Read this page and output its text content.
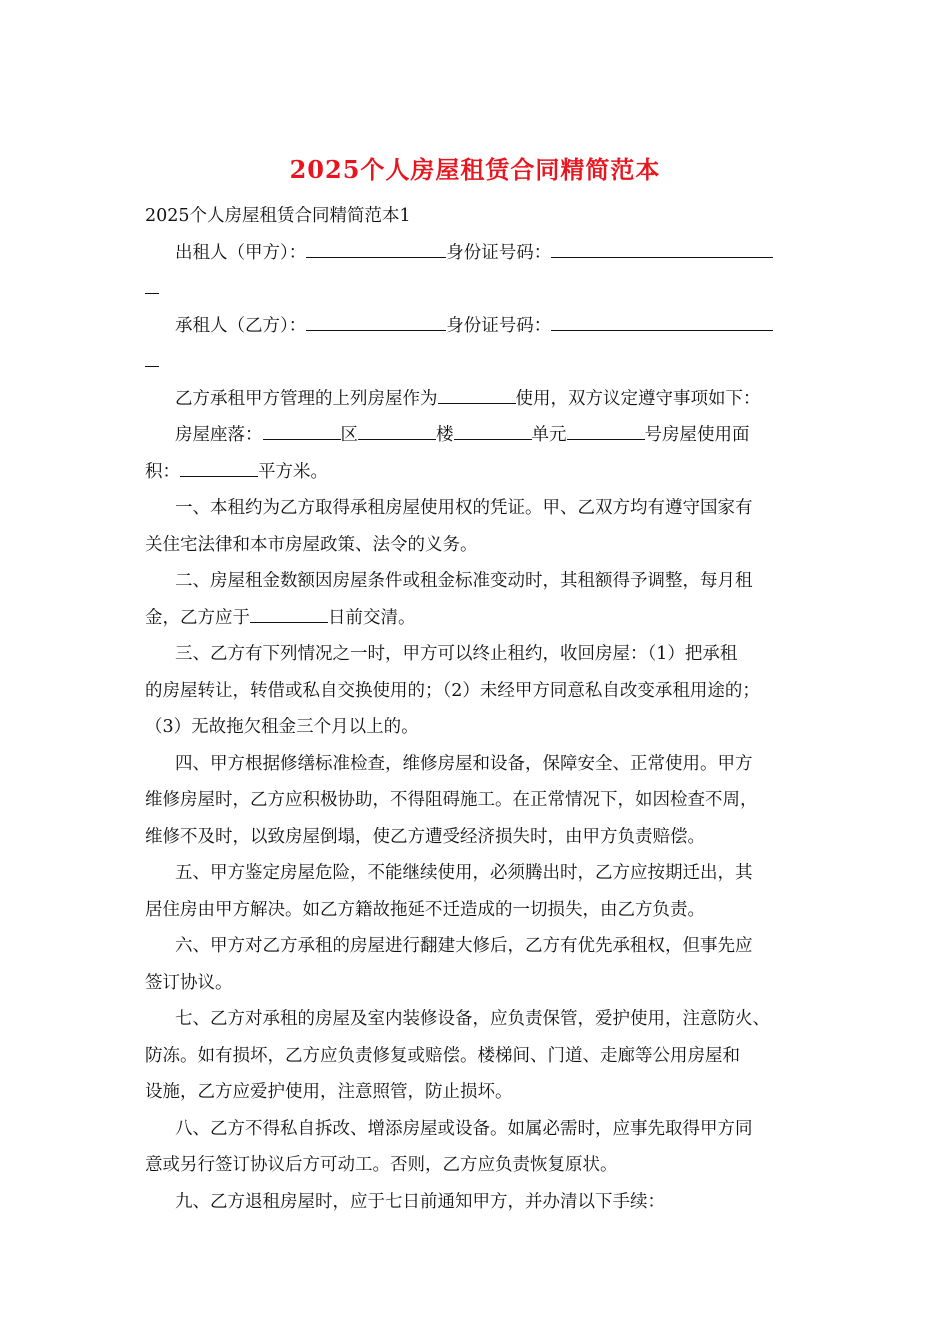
2025个人房屋租赁合同精简范本
2025个人房屋租赁合同精简范本1
出租人（甲方）：	身份证号码：
承租人（乙方）：	身份证号码：
乙方承租甲方管理的上列房屋作为	使用，双方议定遵守事项如下：
房屋座落：	区	楼	单元	号房屋使用面
积：	平方米。
一、本租约为乙方取得承租房屋使用权的凭证。甲、乙双方均有遵守国家有
关住宅法律和本市房屋政策、法令的义务。
二、房屋租金数额因房屋条件或租金标准变动时，其租额得予调整，每月租
金，乙方应于	日前交清。
三、乙方有下列情况之一时，甲方可以终止租约，收回房屋：（1）把承租
的房屋转让，转借或私自交换使用的；（2）未经甲方同意私自改变承租用途的；
（3）无故拖欠租金三个月以上的。
四、甲方根据修缮标准检查，维修房屋和设备，保障安全、正常使用。甲方
维修房屋时，乙方应积极协助，不得阻碍施工。在正常情况下，如因检查不周，
维修不及时，以致房屋倒塌，使乙方遭受经济损失时，由甲方负责赔偿。
五、甲方鉴定房屋危险，不能继续使用，必须腾出时，乙方应按期迁出，其
居住房由甲方解决。如乙方籍故拖延不迁造成的一切损失，由乙方负责。
六、甲方对乙方承租的房屋进行翻建大修后，乙方有优先承租权，但事先应
签订协议。
七、乙方对承租的房屋及室内装修设备，应负责保管，爱护使用，注意防火、
防冻。如有损坏，乙方应负责修复或赔偿。楼梯间、门道、走廊等公用房屋和
设施，乙方应爱护使用，注意照管，防止损坏。
八、乙方不得私自拆改、增添房屋或设备。如属必需时，应事先取得甲方同
意或另行签订协议后方可动工。否则，乙方应负责恢复原状。
九、乙方退租房屋时，应于七日前通知甲方，并办清以下手续：
